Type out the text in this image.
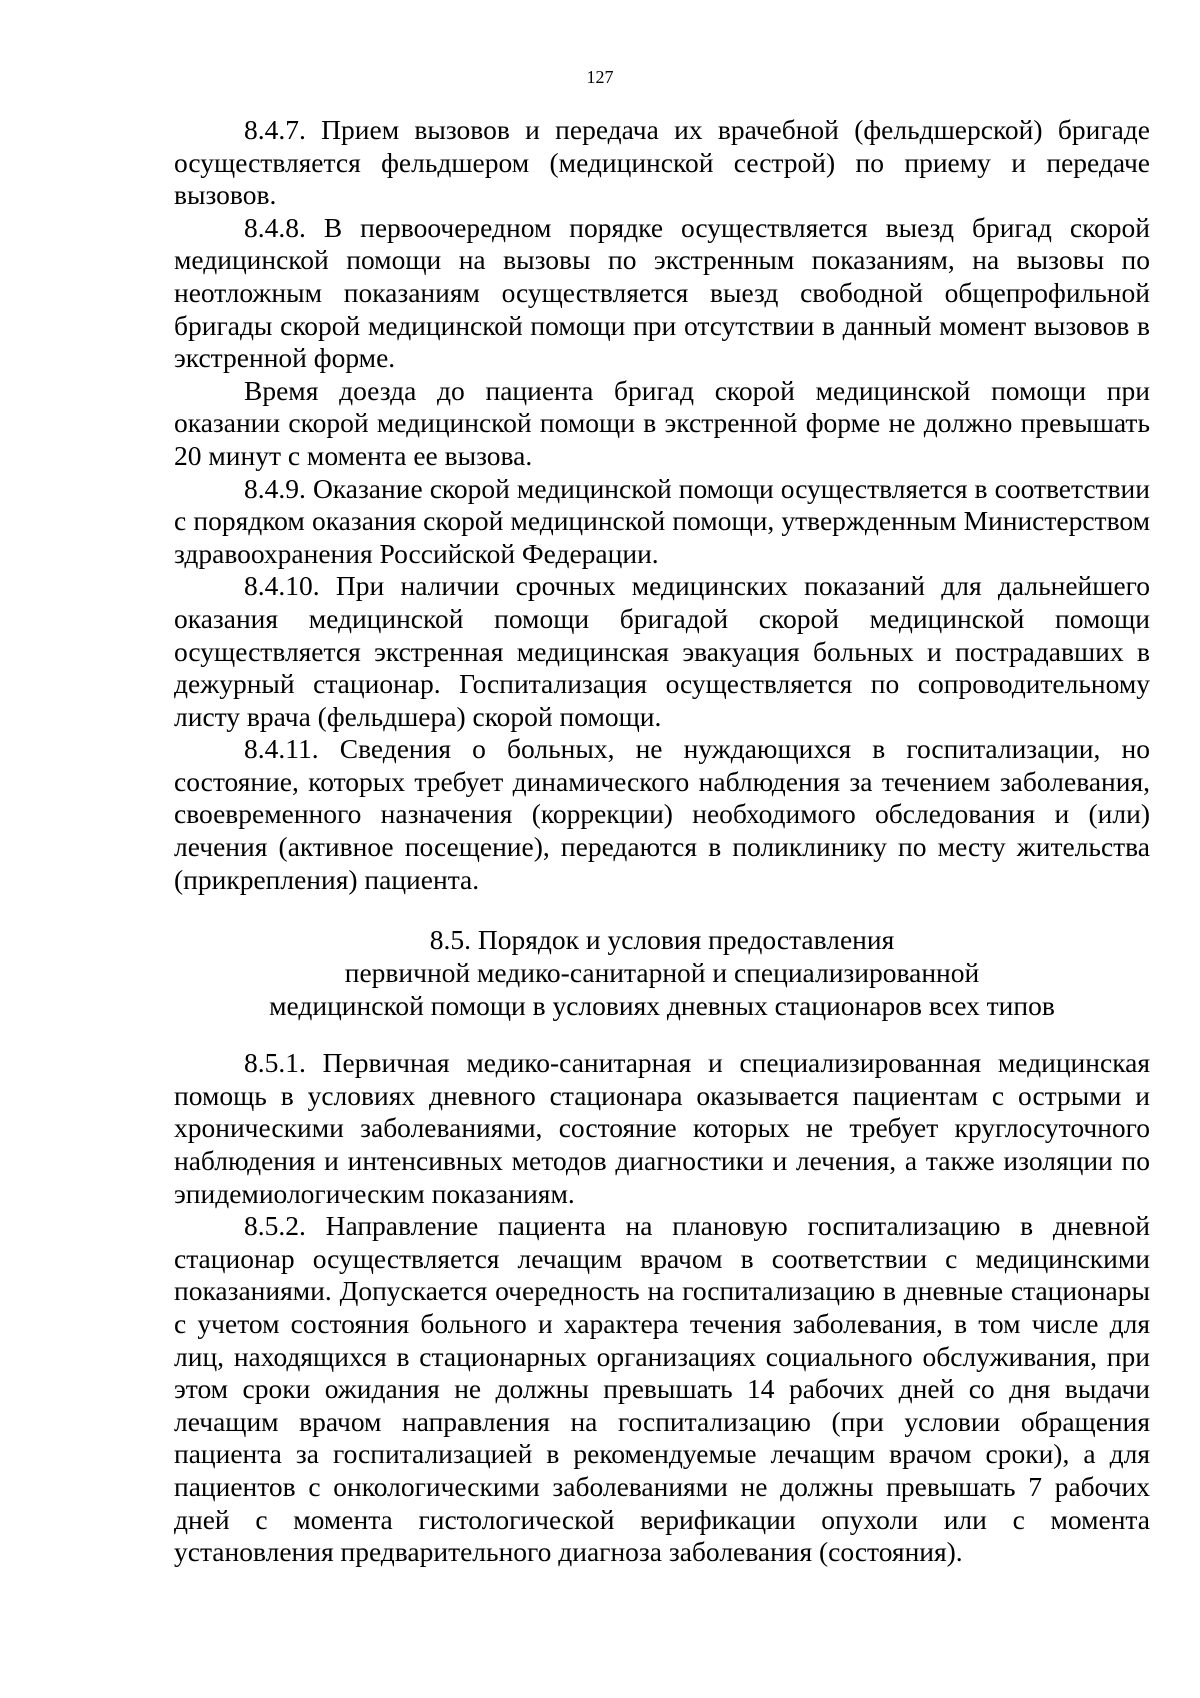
127

8.4.7. Прием вызовов и передача их врачебной (фельдшерской) бригаде осуществляется фельдшером (медицинской сестрой) по приему и передаче вызовов.

8.4.8. В первоочередном порядке осуществляется выезд бригад скорой медицинской помощи на вызовы по экстренным показаниям, на вызовы по неотложным показаниям осуществляется выезд свободной общепрофильной бригады скорой медицинской помощи при отсутствии в данный момент вызовов в экстренной форме.

Время доезда до пациента бригад скорой медицинской помощи при оказании скорой медицинской помощи в экстренной форме не должно превышать 20 минут с момента ее вызова.

8.4.9. Оказание скорой медицинской помощи осуществляется в соответствии с порядком оказания скорой медицинской помощи, утвержденным Министерством здравоохранения Российской Федерации.

8.4.10. При наличии срочных медицинских показаний для дальнейшего оказания медицинской помощи бригадой скорой медицинской помощи осуществляется экстренная медицинская эвакуация больных и пострадавших в дежурный стационар. Госпитализация осуществляется по сопроводительному листу врача (фельдшера) скорой помощи.

8.4.11. Сведения о больных, не нуждающихся в госпитализации, но состояние, которых требует динамического наблюдения за течением заболевания, своевременного назначения (коррекции) необходимого обследования и (или) лечения (активное посещение), передаются в поликлинику по месту жительства (прикрепления) пациента.

8.5. Порядок и условия предоставления
первичной медико-санитарной и специализированной
медицинской помощи в условиях дневных стационаров всех типов

8.5.1. Первичная медико-санитарная и специализированная медицинская помощь в условиях дневного стационара оказывается пациентам с острыми и хроническими заболеваниями, состояние которых не требует круглосуточного наблюдения и интенсивных методов диагностики и лечения, а также изоляции по эпидемиологическим показаниям.

8.5.2. Направление пациента на плановую госпитализацию в дневной стационар осуществляется лечащим врачом в соответствии с медицинскими показаниями. Допускается очередность на госпитализацию в дневные стационары с учетом состояния больного и характера течения заболевания, в том числе для лиц, находящихся в стационарных организациях социального обслуживания, при этом сроки ожидания не должны превышать 14 рабочих дней со дня выдачи лечащим врачом направления на госпитализацию (при условии обращения пациента за госпитализацией в рекомендуемые лечащим врачом сроки), а для пациентов с онкологическими заболеваниями не должны превышать 7 рабочих дней с момента гистологической верификации опухоли или с момента установления предварительного диагноза заболевания (состояния).
